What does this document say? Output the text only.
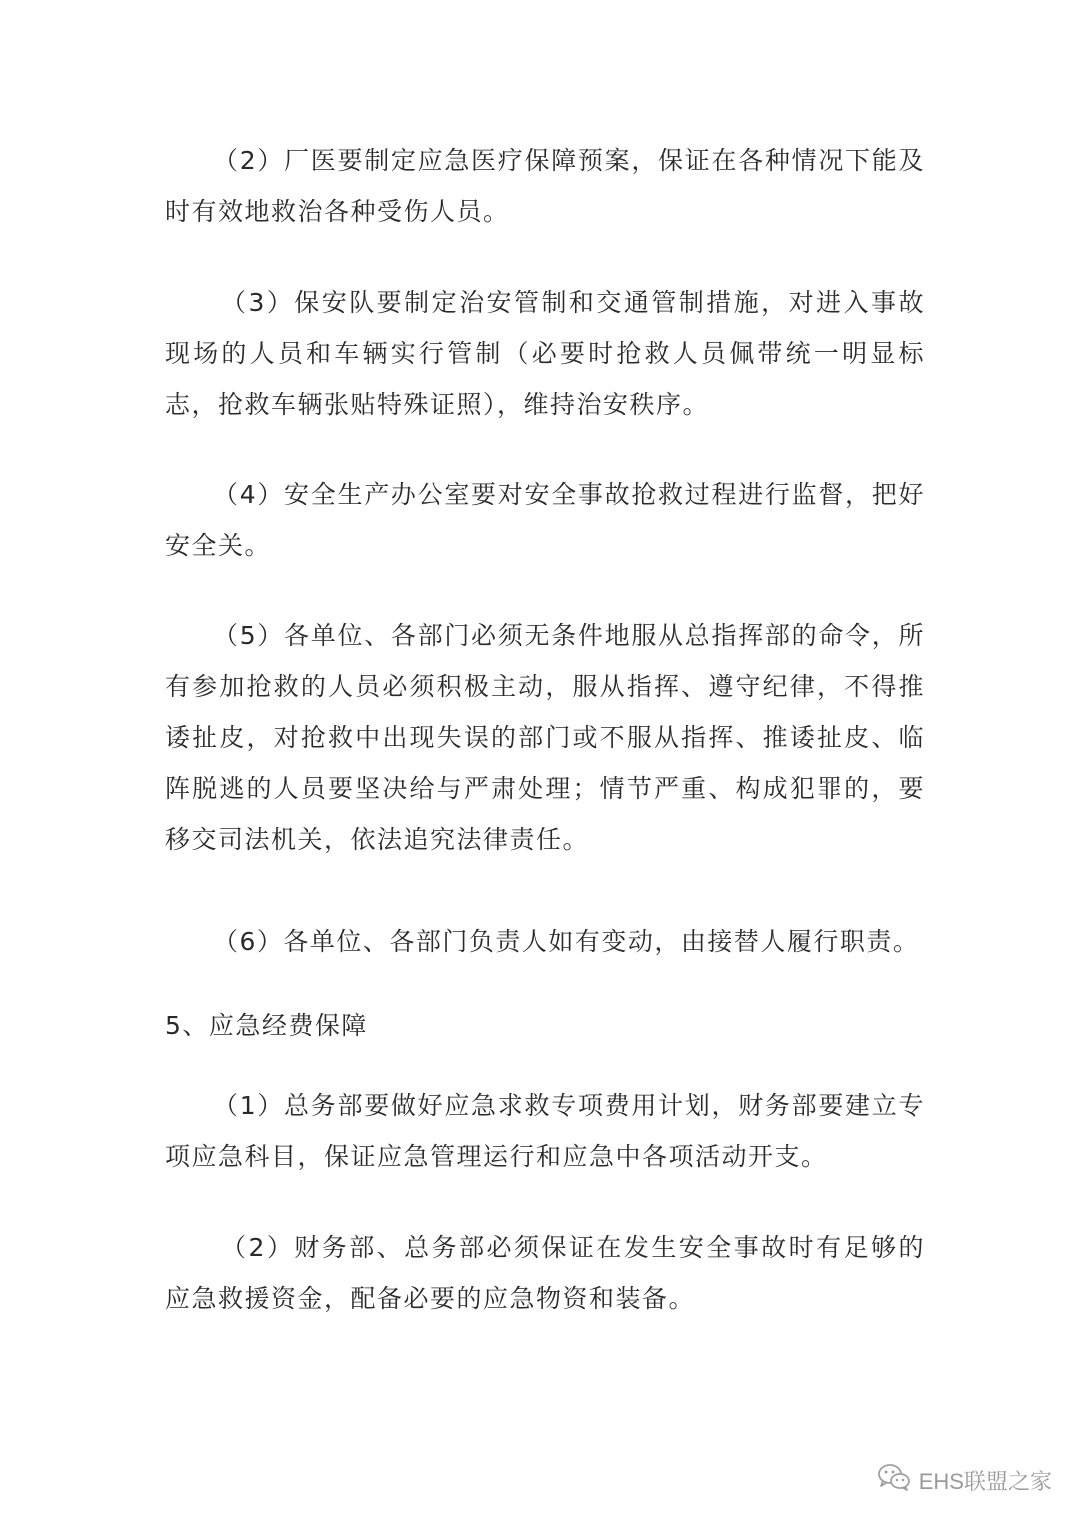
（2）厂医要制定应急医疗保障预案，保证在各种情况下能及时有效地救治各种受伤人员。

（3）保安队要制定治安管制和交通管制措施，对进入事故现场的人员和车辆实行管制（必要时抢救人员佩带统一明显标志，抢救车辆张贴特殊证照），维持治安秩序。

（4）安全生产办公室要对安全事故抢救过程进行监督，把好安全关。

（5）各单位、各部门必须无条件地服从总指挥部的命令，所有参加抢救的人员必须积极主动，服从指挥、遵守纪律，不得推诿扯皮，对抢救中出现失误的部门或不服从指挥、推诿扯皮、临阵脱逃的人员要坚决给与严肃处理；情节严重、构成犯罪的，要移交司法机关，依法追究法律责任。

（6）各单位、各部门负责人如有变动，由接替人履行职责。

5、应急经费保障

（1）总务部要做好应急求救专项费用计划，财务部要建立专项应急科目，保证应急管理运行和应急中各项活动开支。

（2）财务部、总务部必须保证在发生安全事故时有足够的应急救援资金，配备必要的应急物资和装备。

EHS联盟之家
